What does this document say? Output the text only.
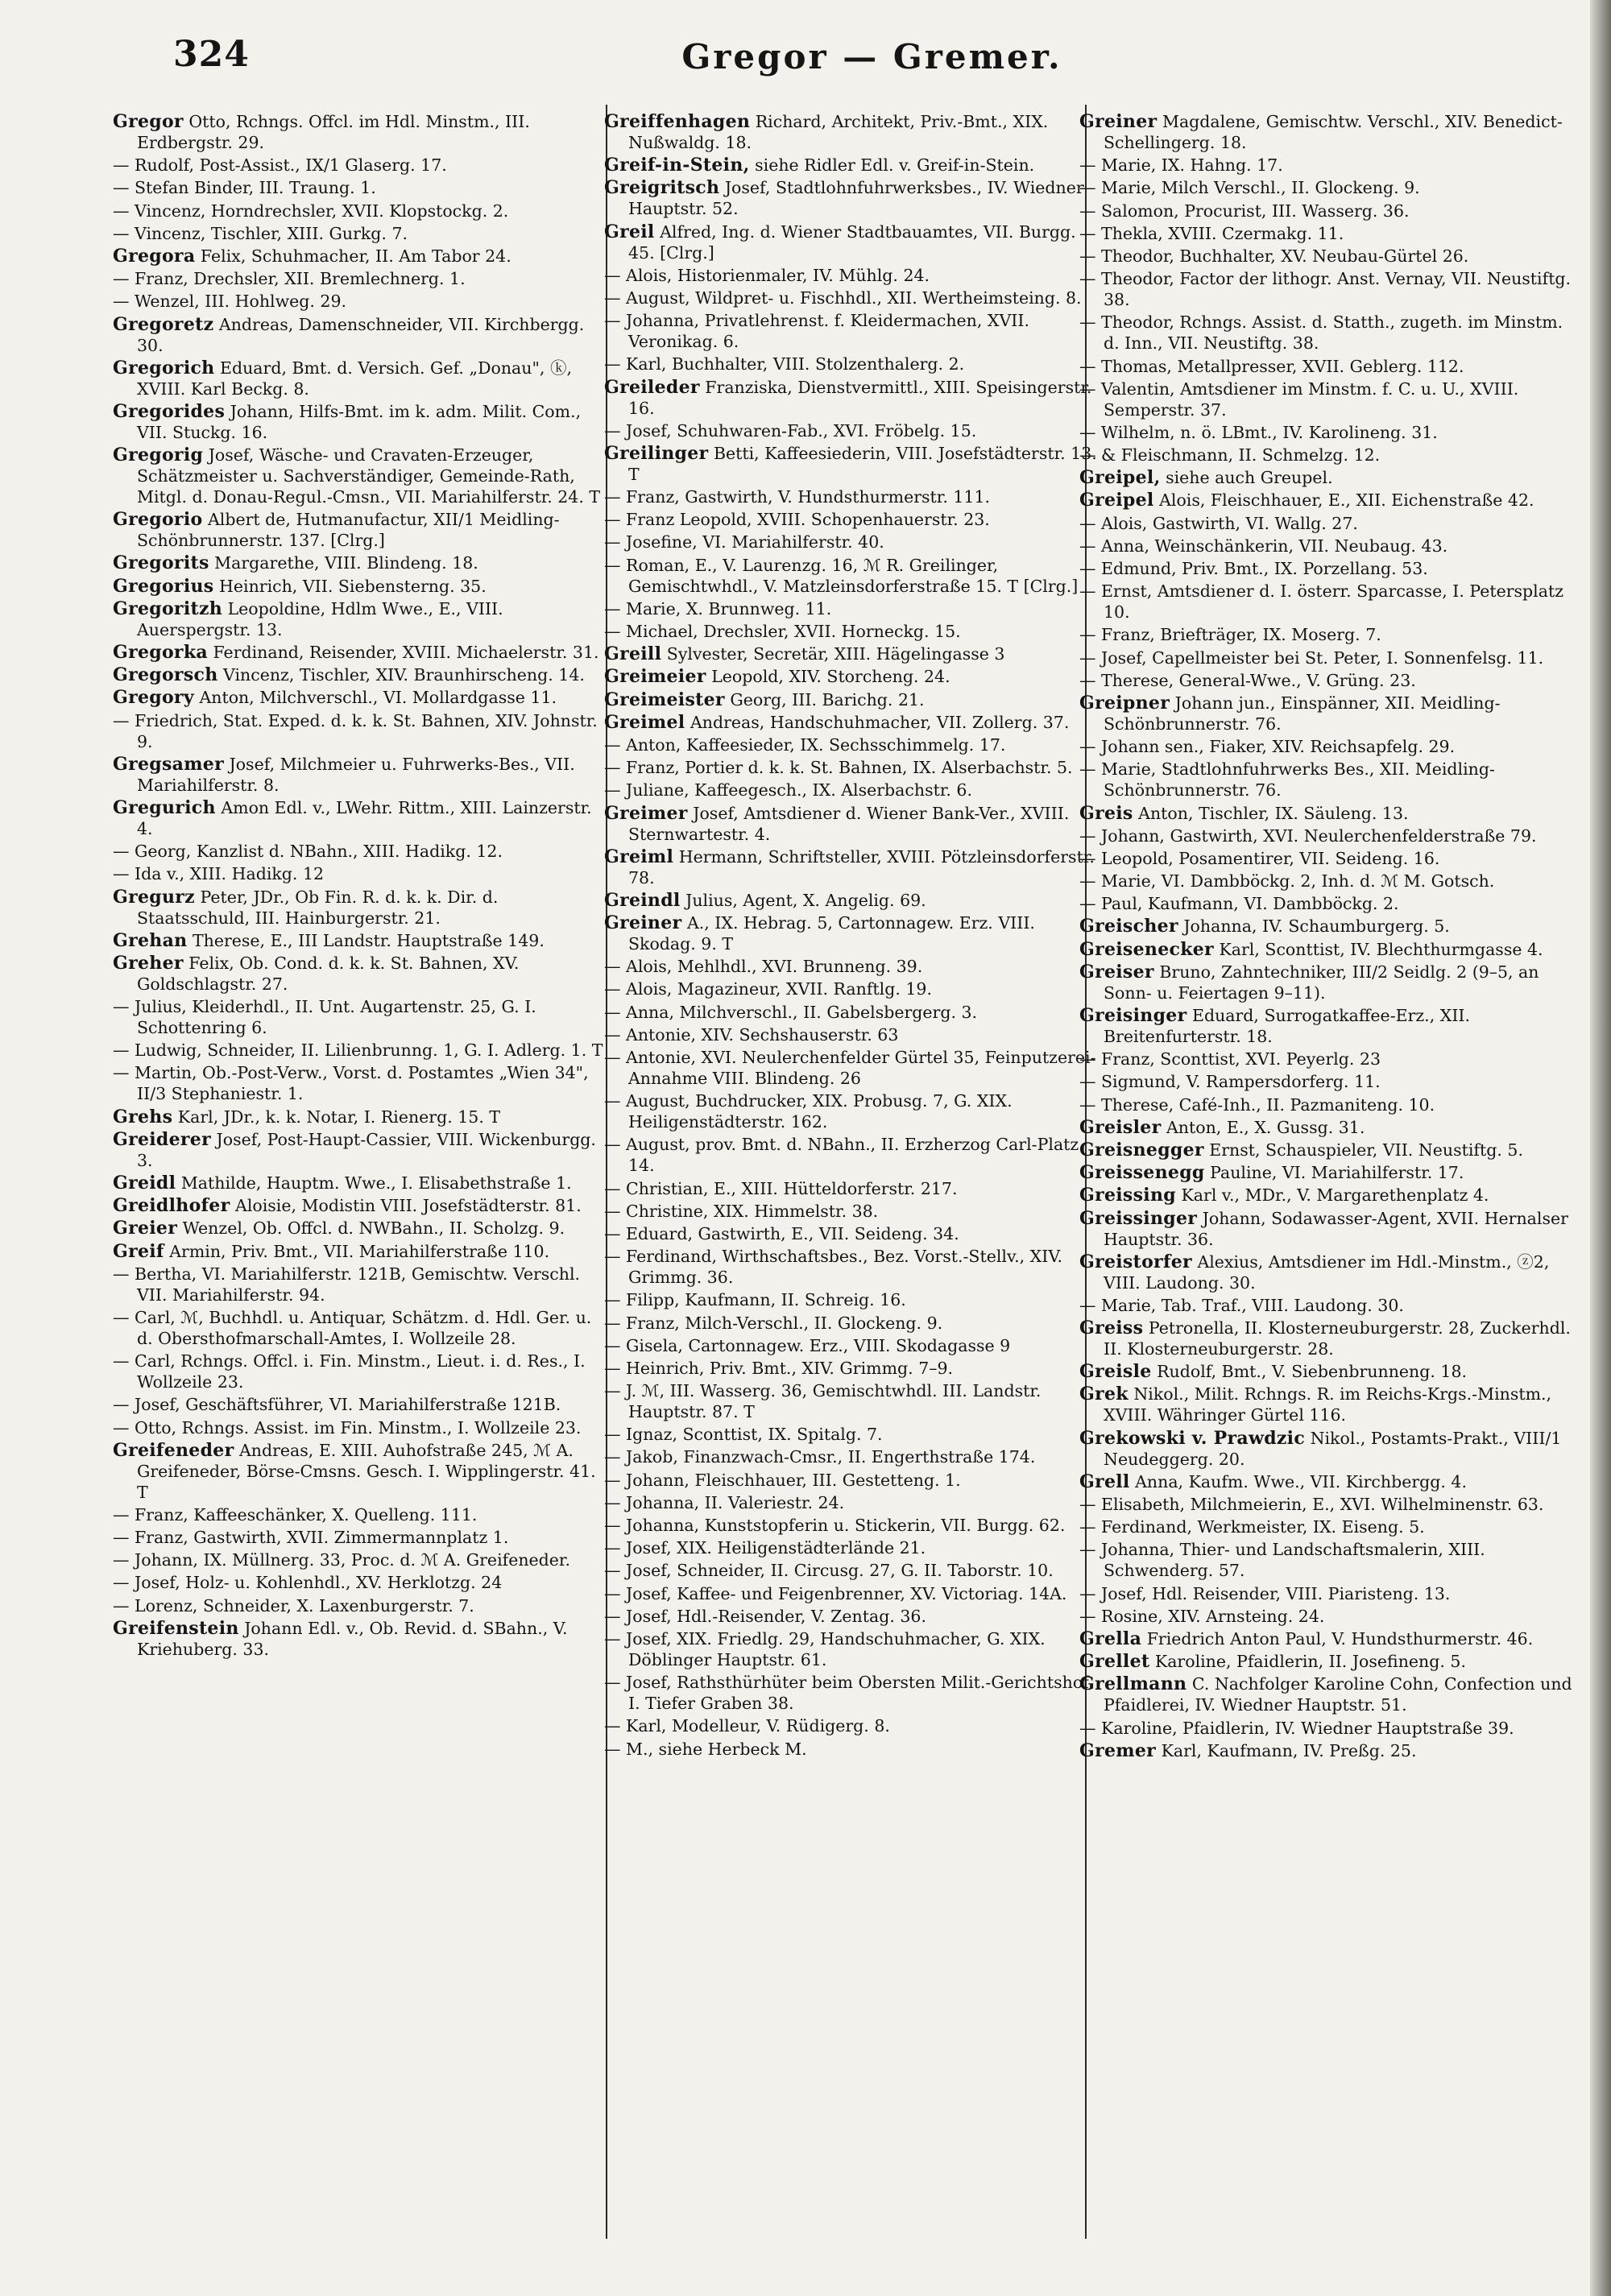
324	Gregor — Gremer.
Gregor Otto, Rchngs. Offcl. im Hdl. Minstm., III. Erdbergstr. 29.
— Rudolf, Post-Assist., IX/1 Glaserg. 17.
— Stefan Binder, III. Traung. 1.
— Vincenz, Horndrechsler, XVII. Klopstockg. 2.
— Vincenz, Tischler, XIII. Gurkg. 7.
Gregora Felix, Schuhmacher, II. Am Tabor 24.
— Franz, Drechsler, XII. Bremlechnerg. 1.
— Wenzel, III. Hohlweg. 29.
Gregoretz Andreas, Damenschneider, VII. Kirchbergg. 30.
Gregorich Eduard, Bmt. d. Versich. Gef. „Donau", ⓚ, XVIII. Karl Beckg. 8.
Gregorides Johann, Hilfs-Bmt. im k. adm. Milit. Com., VII. Stuckg. 16.
Gregorig Josef, Wäsche- und Cravaten-Erzeuger, Schätzmeister u. Sachverständiger, Gemeinde-Rath, Mitgl. d. Donau-Regul.-Cmsn., VII. Mariahilferstr. 24. T
Gregorio Albert de, Hutmanufactur, XII/1 Meidling-Schönbrunnerstr. 137. [Clrg.]
Gregorits Margarethe, VIII. Blindeng. 18.
Gregorius Heinrich, VII. Siebensterng. 35.
Gregoritzh Leopoldine, Hdlm Wwe., E., VIII. Auerspergstr. 13.
Gregorka Ferdinand, Reisender, XVIII. Michaelerstr. 31.
Gregorsch Vincenz, Tischler, XIV. Braunhirscheng. 14.
Gregory Anton, Milchverschl., VI. Mollardgasse 11.
— Friedrich, Stat. Exped. d. k. k. St. Bahnen, XIV. Johnstr. 9.
Gregsamer Josef, Milchmeier u. Fuhrwerks-Bes., VII. Mariahilferstr. 8.
Gregurich Amon Edl. v., LWehr. Rittm., XIII. Lainzerstr. 4.
— Georg, Kanzlist d. NBahn., XIII. Hadikg. 12.
— Ida v., XIII. Hadikg. 12
Gregurz Peter, JDr., Ob Fin. R. d. k. k. Dir. d. Staatsschuld, III. Hainburgerstr. 21.
Grehan Therese, E., III Landstr. Hauptstraße 149.
Greher Felix, Ob. Cond. d. k. k. St. Bahnen, XV. Goldschlagstr. 27.
— Julius, Kleiderhdl., II. Unt. Augartenstr. 25, G. I. Schottenring 6.
— Ludwig, Schneider, II. Lilienbrunng. 1, G. I. Adlerg. 1. T
— Martin, Ob.-Post-Verw., Vorst. d. Postamtes „Wien 34", II/3 Stephaniestr. 1.
Grehs Karl, JDr., k. k. Notar, I. Rienerg. 15. T
Greiderer Josef, Post-Haupt-Cassier, VIII. Wickenburgg. 3.
Greidl Mathilde, Hauptm. Wwe., I. Elisabethstraße 1.
Greidlhofer Aloisie, Modistin VIII. Josefstädterstr. 81.
Greier Wenzel, Ob. Offcl. d. NWBahn., II. Scholzg. 9.
Greif Armin, Priv. Bmt., VII. Mariahilferstraße 110.
— Bertha, VI. Mariahilferstr. 121B, Gemischtw. Verschl. VII. Mariahilferstr. 94.
— Carl, ℳ, Buchhdl. u. Antiquar, Schätzm. d. Hdl. Ger. u. d. Obersthofmarschall-Amtes, I. Wollzeile 28.
— Carl, Rchngs. Offcl. i. Fin. Minstm., Lieut. i. d. Res., I. Wollzeile 23.
— Josef, Geschäftsführer, VI. Mariahilferstraße 121B.
— Otto, Rchngs. Assist. im Fin. Minstm., I. Wollzeile 23.
Greifeneder Andreas, E. XIII. Auhofstraße 245, ℳ A. Greifeneder, Börse-Cmsns. Gesch. I. Wipplingerstr. 41. T
— Franz, Kaffeeschänker, X. Quelleng. 111.
— Franz, Gastwirth, XVII. Zimmermannplatz 1.
— Johann, IX. Müllnerg. 33, Proc. d. ℳ A. Greifeneder.
— Josef, Holz- u. Kohlenhdl., XV. Herklotzg. 24
— Lorenz, Schneider, X. Laxenburgerstr. 7.
Greifenstein Johann Edl. v., Ob. Revid. d. SBahn., V. Kriehuberg. 33.
Greiffenhagen Richard, Architekt, Priv.-Bmt., XIX. Nußwaldg. 18.
Greif-in-Stein, siehe Ridler Edl. v. Greif-in-Stein.
Greigritsch Josef, Stadtlohnfuhrwerksbes., IV. Wiedner Hauptstr. 52.
Greil Alfred, Ing. d. Wiener Stadtbauamtes, VII. Burgg. 45. [Clrg.]
— Alois, Historienmaler, IV. Mühlg. 24.
— August, Wildpret- u. Fischhdl., XII. Wertheimsteing. 8.
— Johanna, Privatlehrenst. f. Kleidermachen, XVII. Veronikag. 6.
— Karl, Buchhalter, VIII. Stolzenthalerg. 2.
Greileder Franziska, Dienstvermittl., XIII. Speisingerstr. 16.
— Josef, Schuhwaren-Fab., XVI. Fröbelg. 15.
Greilinger Betti, Kaffeesiederin, VIII. Josefstädterstr. 13. T
— Franz, Gastwirth, V. Hundsthurmerstr. 111.
— Franz Leopold, XVIII. Schopenhauerstr. 23.
— Josefine, VI. Mariahilferstr. 40.
— Roman, E., V. Laurenzg. 16, ℳ R. Greilinger, Gemischtwhdl., V. Matzleinsdorferstraße 15. T [Clrg.]
— Marie, X. Brunnweg. 11.
— Michael, Drechsler, XVII. Horneckg. 15.
Greill Sylvester, Secretär, XIII. Hägelingasse 3
Greimeier Leopold, XIV. Storcheng. 24.
Greimeister Georg, III. Barichg. 21.
Greimel Andreas, Handschuhmacher, VII. Zollerg. 37.
— Anton, Kaffeesieder, IX. Sechsschimmelg. 17.
— Franz, Portier d. k. k. St. Bahnen, IX. Alserbachstr. 5.
— Juliane, Kaffeegesch., IX. Alserbachstr. 6.
Greimer Josef, Amtsdiener d. Wiener Bank-Ver., XVIII. Sternwartestr. 4.
Greiml Hermann, Schriftsteller, XVIII. Pötzleinsdorferstr. 78.
Greindl Julius, Agent, X. Angelig. 69.
Greiner A., IX. Hebrag. 5, Cartonnagew. Erz. VIII. Skodag. 9. T
— Alois, Mehlhdl., XVI. Brunneng. 39.
— Alois, Magazineur, XVII. Ranftlg. 19.
— Anna, Milchverschl., II. Gabelsbergerg. 3.
— Antonie, XIV. Sechshauserstr. 63
— Antonie, XVI. Neulerchenfelder Gürtel 35, Feinputzerei-Annahme VIII. Blindeng. 26
— August, Buchdrucker, XIX. Probusg. 7, G. XIX. Heiligenstädterstr. 162.
— August, prov. Bmt. d. NBahn., II. Erzherzog Carl-Platz 14.
— Christian, E., XIII. Hütteldorferstr. 217.
— Christine, XIX. Himmelstr. 38.
— Eduard, Gastwirth, E., VII. Seideng. 34.
— Ferdinand, Wirthschaftsbes., Bez. Vorst.-Stellv., XIV. Grimmg. 36.
— Filipp, Kaufmann, II. Schreig. 16.
— Franz, Milch-Verschl., II. Glockeng. 9.
— Gisela, Cartonnagew. Erz., VIII. Skodagasse 9
— Heinrich, Priv. Bmt., XIV. Grimmg. 7–9.
— J. ℳ, III. Wasserg. 36, Gemischtwhdl. III. Landstr. Hauptstr. 87. T
— Ignaz, Sconttist, IX. Spitalg. 7.
— Jakob, Finanzwach-Cmsr., II. Engerthstraße 174.
— Johann, Fleischhauer, III. Gestetteng. 1.
— Johanna, II. Valeriestr. 24.
— Johanna, Kunststopferin u. Stickerin, VII. Burgg. 62.
— Josef, XIX. Heiligenstädterlände 21.
— Josef, Schneider, II. Circusg. 27, G. II. Taborstr. 10.
— Josef, Kaffee- und Feigenbrenner, XV. Victoriag. 14A.
— Josef, Hdl.-Reisender, V. Zentag. 36.
— Josef, XIX. Friedlg. 29, Handschuhmacher, G. XIX. Döblinger Hauptstr. 61.
— Josef, Rathsthürhüter beim Obersten Milit.-Gerichtshof, I. Tiefer Graben 38.
— Karl, Modelleur, V. Rüdigerg. 8.
— M., siehe Herbeck M.
Greiner Magdalene, Gemischtw. Verschl., XIV. Benedict-Schellingerg. 18.
— Marie, IX. Hahng. 17.
— Marie, Milch Verschl., II. Glockeng. 9.
— Salomon, Procurist, III. Wasserg. 36.
— Thekla, XVIII. Czermakg. 11.
— Theodor, Buchhalter, XV. Neubau-Gürtel 26.
— Theodor, Factor der lithogr. Anst. Vernay, VII. Neustiftg. 38.
— Theodor, Rchngs. Assist. d. Statth., zugeth. im Minstm. d. Inn., VII. Neustiftg. 38.
— Thomas, Metallpresser, XVII. Geblerg. 112.
— Valentin, Amtsdiener im Minstm. f. C. u. U., XVIII. Semperstr. 37.
— Wilhelm, n. ö. LBmt., IV. Karolineng. 31.
— & Fleischmann, II. Schmelzg. 12.
Greipel, siehe auch Greupel.
Greipel Alois, Fleischhauer, E., XII. Eichenstraße 42.
— Alois, Gastwirth, VI. Wallg. 27.
— Anna, Weinschänkerin, VII. Neubaug. 43.
— Edmund, Priv. Bmt., IX. Porzellang. 53.
— Ernst, Amtsdiener d. I. österr. Sparcasse, I. Petersplatz 10.
— Franz, Briefträger, IX. Moserg. 7.
— Josef, Capellmeister bei St. Peter, I. Sonnenfelsg. 11.
— Therese, General-Wwe., V. Grüng. 23.
Greipner Johann jun., Einspänner, XII. Meidling-Schönbrunnerstr. 76.
— Johann sen., Fiaker, XIV. Reichsapfelg. 29.
— Marie, Stadtlohnfuhrwerks Bes., XII. Meidling-Schönbrunnerstr. 76.
Greis Anton, Tischler, IX. Säuleng. 13.
— Johann, Gastwirth, XVI. Neulerchenfelderstraße 79.
— Leopold, Posamentirer, VII. Seideng. 16.
— Marie, VI. Dambböckg. 2, Inh. d. ℳ M. Gotsch.
— Paul, Kaufmann, VI. Dambböckg. 2.
Greischer Johanna, IV. Schaumburgerg. 5.
Greisenecker Karl, Sconttist, IV. Blechthurmgasse 4.
Greiser Bruno, Zahntechniker, III/2 Seidlg. 2 (9–5, an Sonn- u. Feiertagen 9–11).
Greisinger Eduard, Surrogatkaffee-Erz., XII. Breitenfurterstr. 18.
— Franz, Sconttist, XVI. Peyerlg. 23
— Sigmund, V. Rampersdorferg. 11.
— Therese, Café-Inh., II. Pazmaniteng. 10.
Greisler Anton, E., X. Gussg. 31.
Greisnegger Ernst, Schauspieler, VII. Neustiftg. 5.
Greissenegg Pauline, VI. Mariahilferstr. 17.
Greissing Karl v., MDr., V. Margarethenplatz 4.
Greissinger Johann, Sodawasser-Agent, XVII. Hernalser Hauptstr. 36.
Greistorfer Alexius, Amtsdiener im Hdl.-Minstm., ⓩ2, VIII. Laudong. 30.
— Marie, Tab. Traf., VIII. Laudong. 30.
Greiss Petronella, II. Klosterneuburgerstr. 28, Zuckerhdl. II. Klosterneuburgerstr. 28.
Greisle Rudolf, Bmt., V. Siebenbrunneng. 18.
Grek Nikol., Milit. Rchngs. R. im Reichs-Krgs.-Minstm., XVIII. Währinger Gürtel 116.
Grekowski v. Prawdzic Nikol., Postamts-Prakt., VIII/1 Neudeggerg. 20.
Grell Anna, Kaufm. Wwe., VII. Kirchbergg. 4.
— Elisabeth, Milchmeierin, E., XVI. Wilhelminenstr. 63.
— Ferdinand, Werkmeister, IX. Eiseng. 5.
— Johanna, Thier- und Landschaftsmalerin, XIII. Schwenderg. 57.
— Josef, Hdl. Reisender, VIII. Piaristeng. 13.
— Rosine, XIV. Arnsteing. 24.
Grella Friedrich Anton Paul, V. Hundsthurmerstr. 46.
Grellet Karoline, Pfaidlerin, II. Josefineng. 5.
Grellmann C. Nachfolger Karoline Cohn, Confection und Pfaidlerei, IV. Wiedner Hauptstr. 51.
— Karoline, Pfaidlerin, IV. Wiedner Hauptstraße 39.
Gremer Karl, Kaufmann, IV. Preßg. 25.
